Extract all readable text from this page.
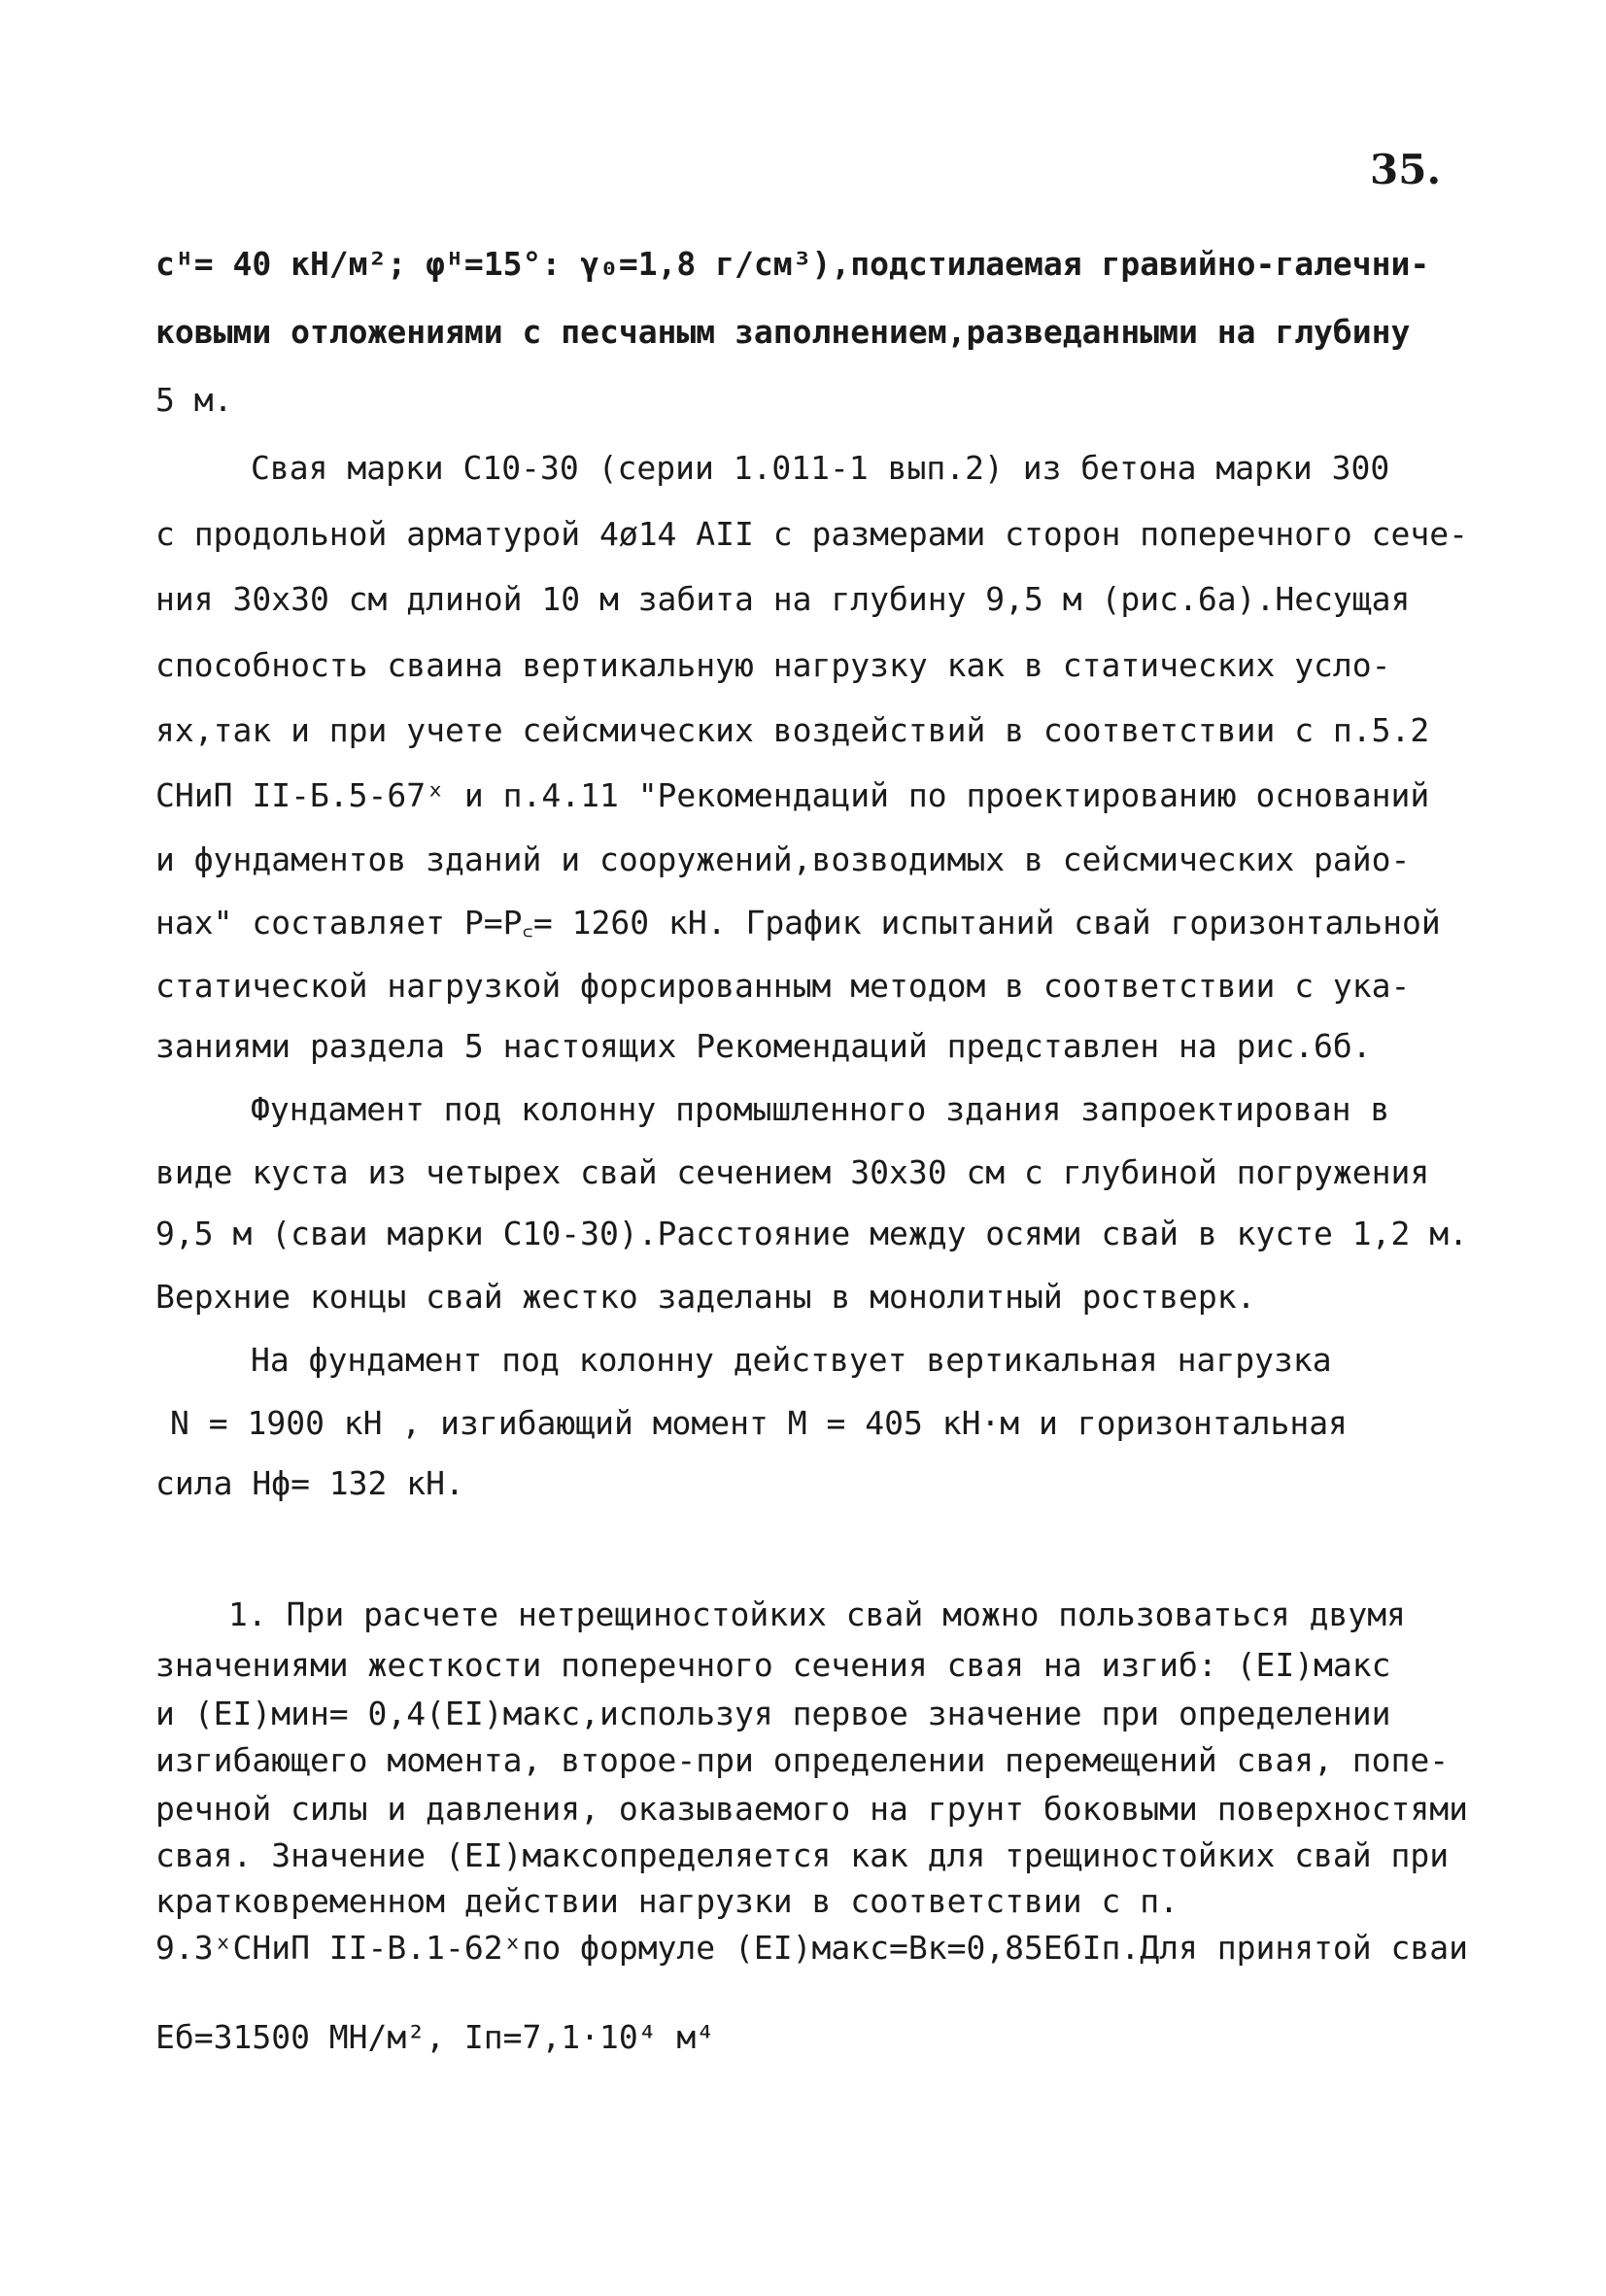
35.
cᴴ= 40 кН/м²; φᴴ=15°: γ₀=1,8 г/см³),подстилаемая гравийно-галечни-
ковыми отложениями с песчаным заполнением,разведанными на глубину
5 м.
Свая марки С10-30 (серии 1.011-1 вып.2) из бетона марки 300
с продольной арматурой 4ø14 АII с размерами сторон поперечного сече-
ния 30х30 см длиной 10 м забита на глубину 9,5 м (рис.6а).Несущая
способность сваина вертикальную нагрузку как в статических усло-
ях,так и при учете сейсмических воздействий в соответствии с п.5.2
СНиП II-Б.5-67ˣ и п.4.11 "Рекомендаций по проектированию оснований
и фундаментов зданий и сооружений,возводимых в сейсмических райо-
нах" составляет P=P꜀= 1260 кН. График испытаний свай горизонтальной
статической нагрузкой форсированным методом в соответствии с ука-
заниями раздела 5 настоящих Рекомендаций представлен на рис.6б.
Фундамент под колонну промышленного здания запроектирован в
виде куста из четырех свай сечением 30х30 см с глубиной погружения
9,5 м (сваи марки С10-30).Расстояние между осями свай в кусте 1,2 м.
Верхние концы свай жестко заделаны в монолитный ростверк.
На фундамент под колонну действует вертикальная нагрузка
N = 1900 кН , изгибающий момент М = 405 кН·м и горизонтальная
сила Hф= 132 кН.
1. При расчете нетрещиностойких свай можно пользоваться двумя
значениями жесткости поперечного сечения свая на изгиб: (EI)макс
и (EI)мин= 0,4(EI)макс,используя первое значение при определении
изгибающего момента, второе-при определении перемещений свая, попе-
речной силы и давления, оказываемого на грунт боковыми поверхностями
свая. Значение (EI)максопределяется как для трещиностойких свай при
кратковременном действии нагрузки в соответствии с п.
9.3ˣСНиП II-В.1-62ˣпо формуле (EI)макс=Bк=0,85EбIп.Для принятой сваи
Eб=31500 МН/м², Iп=7,1·10⁴ м⁴
